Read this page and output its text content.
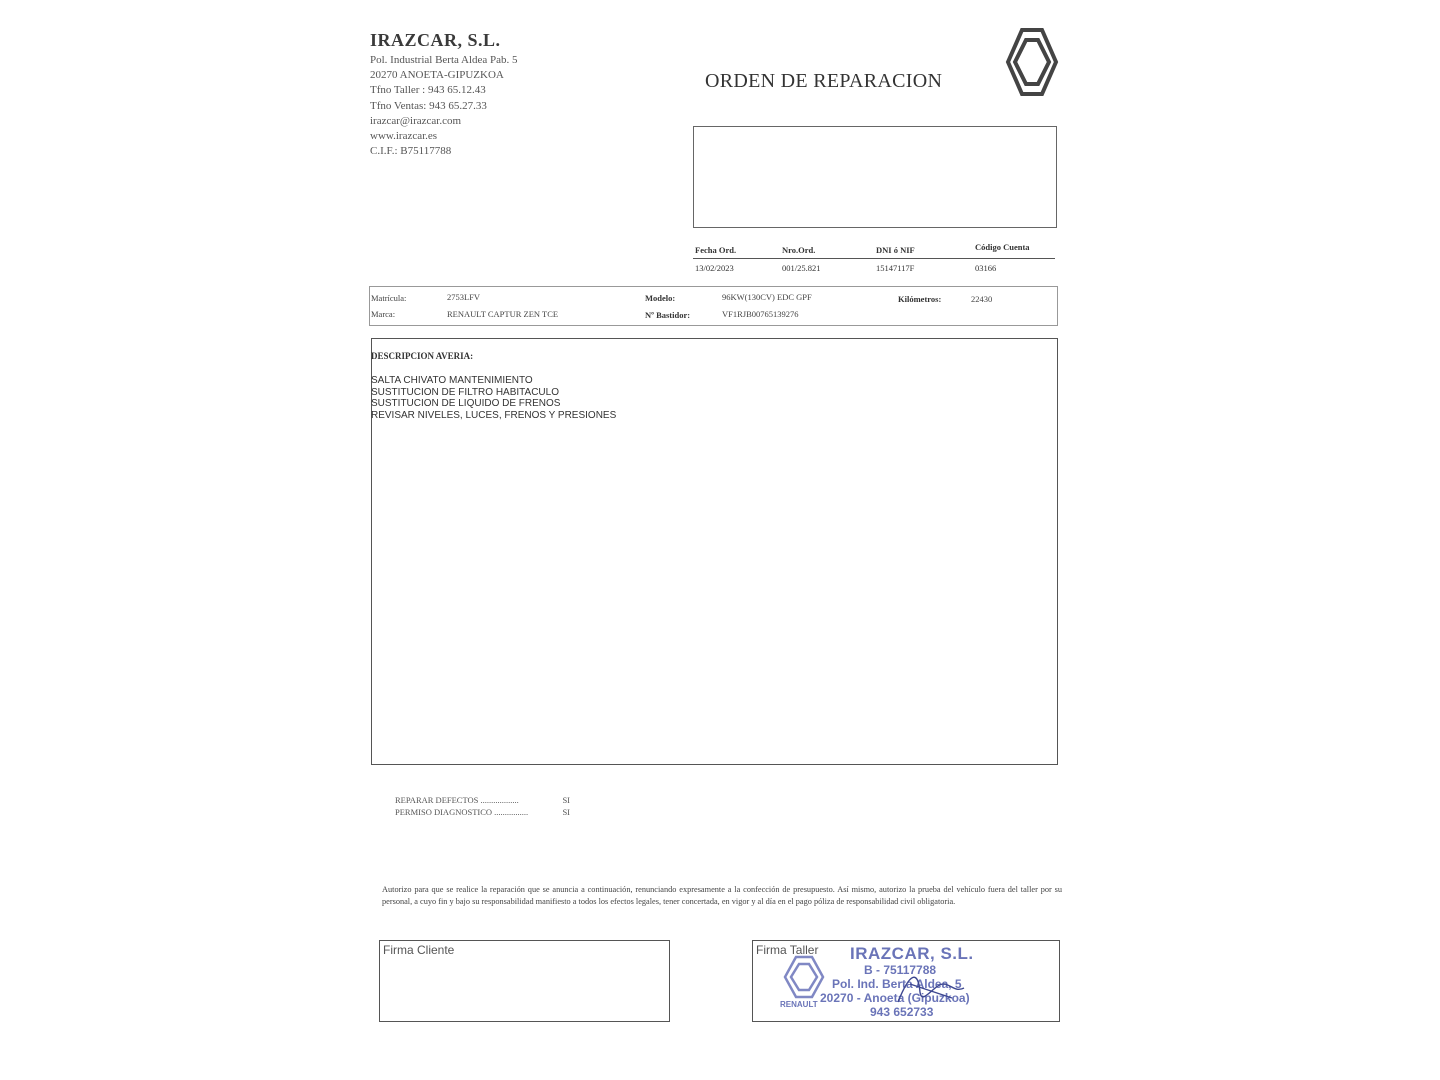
IRAZCAR, S.L.
Pol. Industrial Berta Aldea Pab. 5
20270 ANOETA-GIPUZKOA
Tfno Taller : 943 65.12.43
Tfno Ventas: 943 65.27.33
irazcar@irazcar.com
www.irazcar.es
C.I.F.: B75117788
ORDEN DE REPARACION
Fecha Ord.	Nro.Ord.	DNI ó NIF	Código Cuenta
13/02/2023	001/25.821	15147117F	03166
Matrícula:	2753LFV
Marca:	RENAULT CAPTUR ZEN TCE
Modelo:	96KW(130CV) EDC GPF
Nº Bastidor:	VF1RJB00765139276
Kilómetros:	22430
DESCRIPCION AVERIA:
SALTA CHIVATO MANTENIMIENTO
SUSTITUCION DE FILTRO HABITACULO
SUSTITUCION DE LIQUIDO DE FRENOS
REVISAR NIVELES, LUCES, FRENOS Y PRESIONES
REPARAR DEFECTOS ..................	SI
PERMISO DIAGNOSTICO ................	SI
Autorizo para que se realice la reparación que se anuncia a continuación, renunciando expresamente a la confección de presupuesto. Así mismo, autorizo la prueba del vehículo fuera del taller por su personal, a cuyo fin y bajo su responsabilidad manifiesto a todos los efectos legales, tener concertada, en vigor y al día en el pago póliza de responsabilidad civil obligatoria.
Firma Cliente	Firma Taller
RENAULT
IRAZCAR, S.L.
B - 75117788
Pol. Ind. Berta Aldea, 5
20270 - Anoeta (Gipuzkoa)
943 652733
